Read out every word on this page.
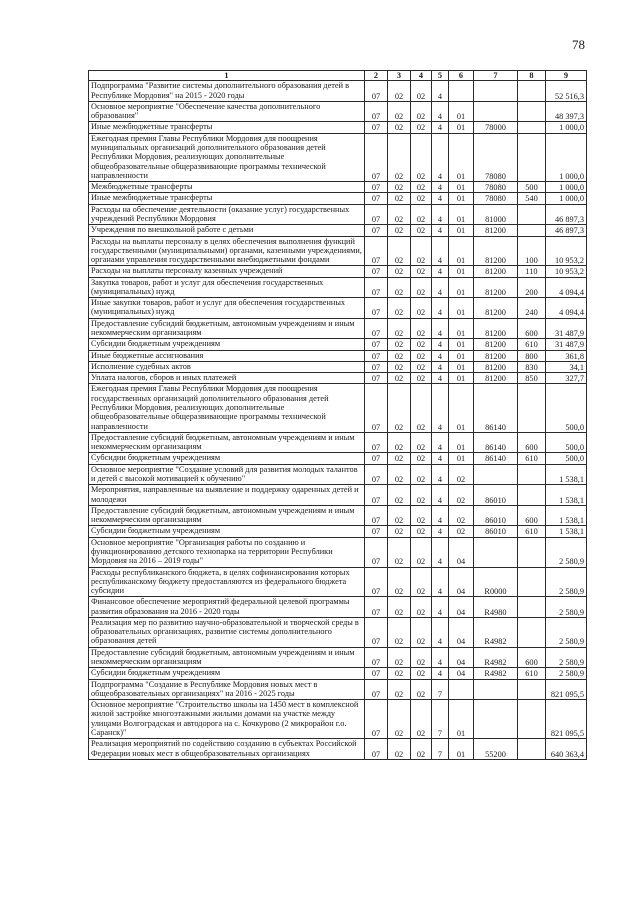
78
1	2	3	4	5	6	7	8	9
Подпрограмма "Развитие системы дополнительного образования детей в Республике Мордовия" на 2015 - 2020 годы	07	02	02	4				52 516,3
Основное мероприятие "Обеспечение качества дополнительного образования"	07	02	02	4	01			48 397,3
Иные межбюджетные трансферты	07	02	02	4	01	78000		1 000,0
Ежегодная премия Главы Республики Мордовия для поощрения муниципальных организаций дополнительного образования детей Республики Мордовия, реализующих дополнительные общеобразовательные общеразвивающие программы технической направленности	07	02	02	4	01	78080		1 000,0
Межбюджетные трансферты	07	02	02	4	01	78080	500	1 000,0
Иные межбюджетные трансферты	07	02	02	4	01	78080	540	1 000,0
Расходы на обеспечение деятельности (оказание услуг) государственных учреждений Республики Мордовия	07	02	02	4	01	81000		46 897,3
Учреждения по внешкольной работе с детьми	07	02	02	4	01	81200		46 897,3
Расходы на выплаты персоналу в целях обеспечения выполнения функций государственными (муниципальными) органами, казенными учреждениями, органами управления государственными внебюджетными фондами	07	02	02	4	01	81200	100	10 953,2
Расходы на выплаты персоналу казенных учреждений	07	02	02	4	01	81200	110	10 953,2
Закупка товаров, работ и услуг для обеспечения государственных (муниципальных) нужд	07	02	02	4	01	81200	200	4 094,4
Иные закупки товаров, работ и услуг для обеспечения государственных (муниципальных) нужд	07	02	02	4	01	81200	240	4 094,4
Предоставление субсидий бюджетным, автономным учреждениям и иным некоммерческим организациям	07	02	02	4	01	81200	600	31 487,9
Субсидии бюджетным учреждениям	07	02	02	4	01	81200	610	31 487,9
Иные бюджетные ассигнования	07	02	02	4	01	81200	800	361,8
Исполнение судебных актов	07	02	02	4	01	81200	830	34,1
Уплата налогов, сборов и иных платежей	07	02	02	4	01	81200	850	327,7
Ежегодная премия Главы Республики Мордовия для поощрения государственных организаций дополнительного образования детей Республики Мордовия, реализующих дополнительные общеобразовательные общеразвивающие программы технической направленности	07	02	02	4	01	86140		500,0
Предоставление субсидий бюджетным, автономным учреждениям и иным некоммерческим организациям	07	02	02	4	01	86140	600	500,0
Субсидии бюджетным учреждениям	07	02	02	4	01	86140	610	500,0
Основное мероприятие "Создание условий для развития молодых талантов и детей с высокой мотивацией к обучению"	07	02	02	4	02			1 538,1
Мероприятия, направленные на выявление и поддержку одаренных детей и молодежи	07	02	02	4	02	86010		1 538,1
Предоставление субсидий бюджетным, автономным учреждениям и иным некоммерческим организациям	07	02	02	4	02	86010	600	1 538,1
Субсидии бюджетным учреждениям	07	02	02	4	02	86010	610	1 538,1
Основное мероприятие "Организация работы по созданию и функционированию детского технопарка на территории Республики Мордовия на 2016 – 2019 годы"	07	02	02	4	04			2 580,9
Расходы республиканского бюджета, в целях софинансирования которых республиканскому бюджету предоставляются из федерального бюджета субсидии	07	02	02	4	04	R0000		2 580,9
Финансовое обеспечение мероприятий федеральной целевой программы развития образования на 2016 - 2020 годы	07	02	02	4	04	R4980		2 580,9
Реализация мер по развитию научно-образовательной и творческой среды в образовательных организациях, развитие системы дополнительного образования детей	07	02	02	4	04	R4982		2 580,9
Предоставление субсидий бюджетным, автономным учреждениям и иным некоммерческим организациям	07	02	02	4	04	R4982	600	2 580,9
Субсидии бюджетным учреждениям	07	02	02	4	04	R4982	610	2 580,9
Подпрограмма "Создание в Республике Мордовия новых мест в общеобразовательных организациях" на 2016 - 2025 годы	07	02	02	7				821 095,5
Основное мероприятие "Строительство школы на 1450 мест в комплексной жилой застройке многоэтажными жилыми домами на участке между улицами Волгоградская и автодорога на с. Кочкурово (2 микрорайон г.о. Саранск)"	07	02	02	7	01			821 095,5
Реализация мероприятий по содействию созданию в субъектах Российской Федерации новых мест в общеобразовательных организациях	07	02	02	7	01	55200		640 363,4
